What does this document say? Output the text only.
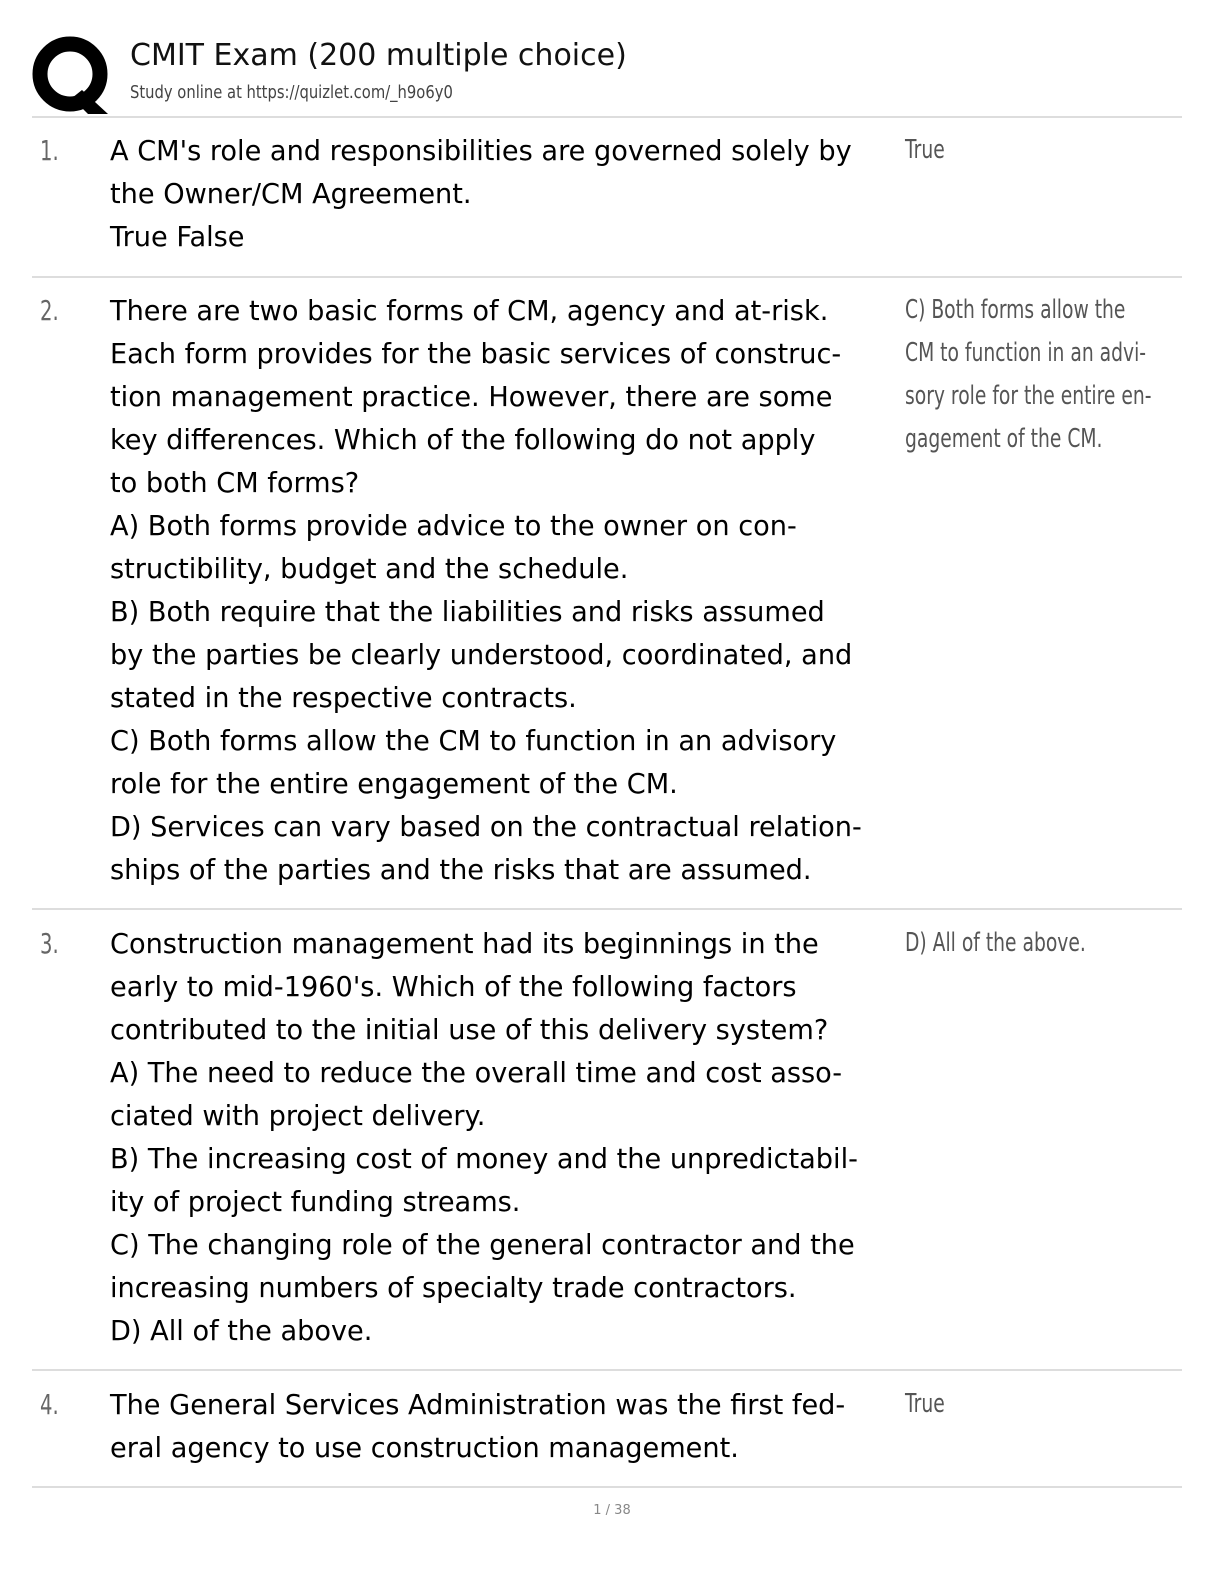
CMIT Exam (200 multiple choice)
Study online at https://quizlet.com/_h9o6y0
1. A CM's role and responsibilities are governed solely by
the Owner/CM Agreement.
True False
True
2. There are two basic forms of CM, agency and at-risk.
Each form provides for the basic services of construc-
tion management practice. However, there are some
key differences. Which of the following do not apply
to both CM forms?
A) Both forms provide advice to the owner on con-
structibility, budget and the schedule.
B) Both require that the liabilities and risks assumed
by the parties be clearly understood, coordinated, and
stated in the respective contracts.
C) Both forms allow the CM to function in an advisory
role for the entire engagement of the CM.
D) Services can vary based on the contractual relation-
ships of the parties and the risks that are assumed.
C) Both forms allow the
CM to function in an advi-
sory role for the entire en-
gagement of the CM.
3. Construction management had its beginnings in the
early to mid-1960's. Which of the following factors
contributed to the initial use of this delivery system?
A) The need to reduce the overall time and cost asso-
ciated with project delivery.
B) The increasing cost of money and the unpredictabil-
ity of project funding streams.
C) The changing role of the general contractor and the
increasing numbers of specialty trade contractors.
D) All of the above.
D) All of the above.
4. The General Services Administration was the first fed-
eral agency to use construction management.
True
1 / 38
